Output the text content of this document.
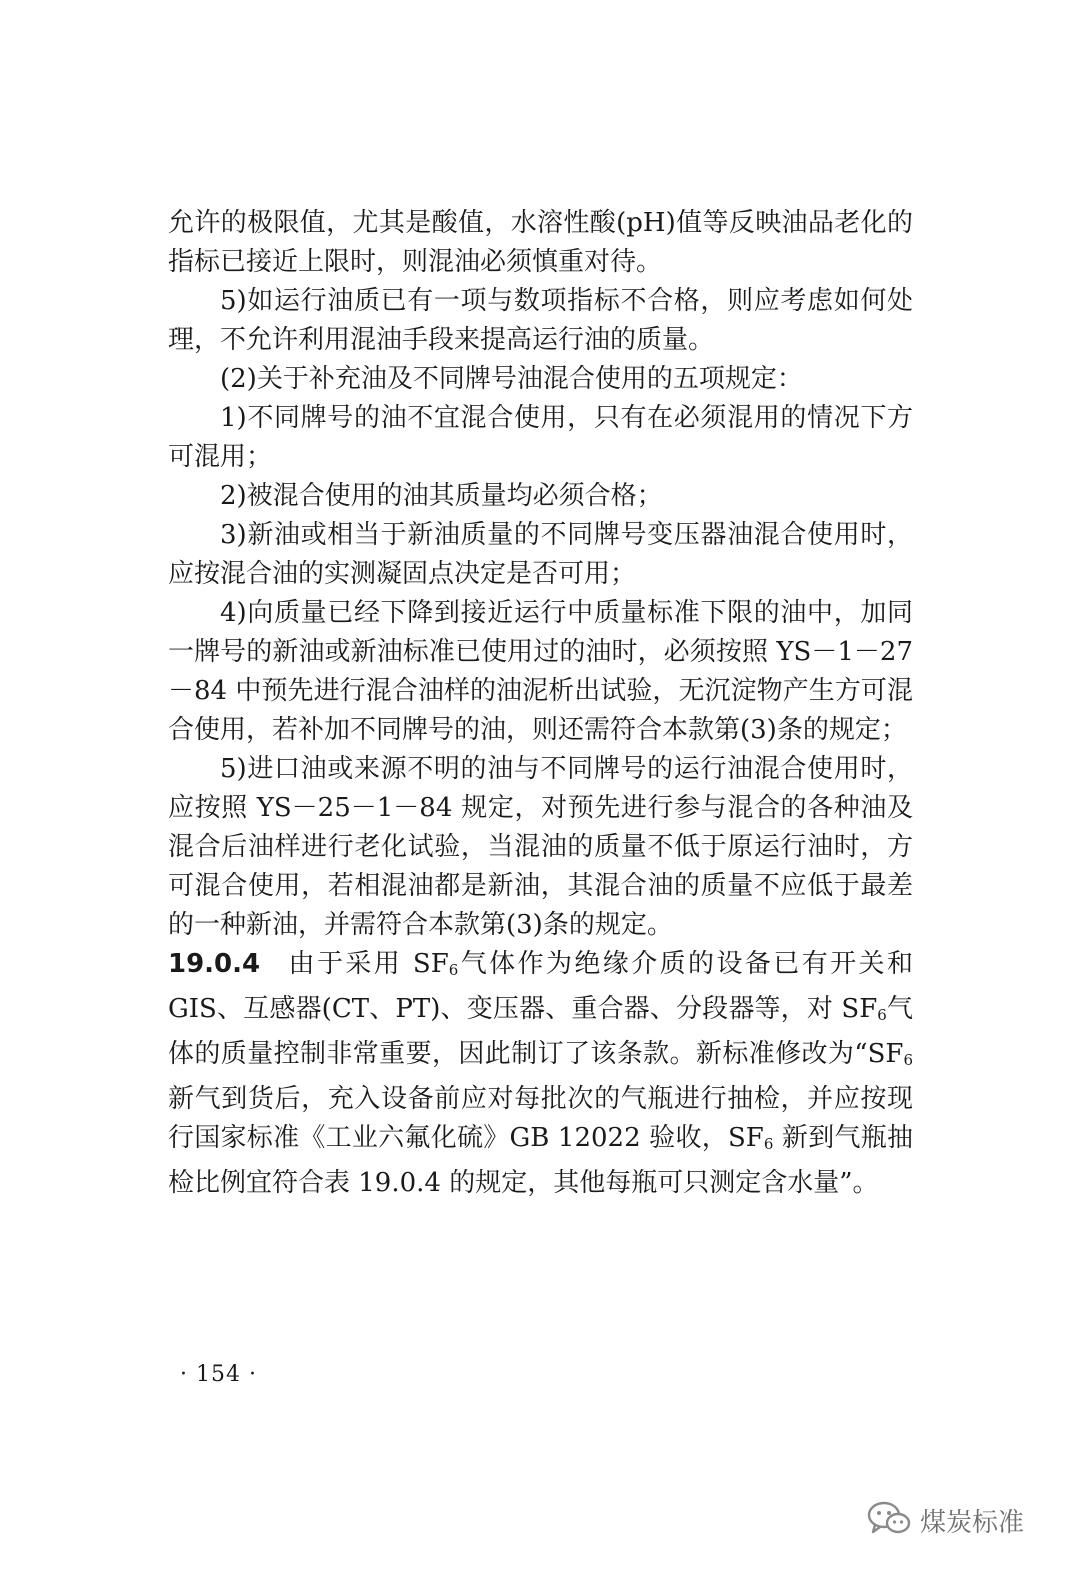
允许的极限值，尤其是酸值，水溶性酸(pH)值等反映油品老化的指标已接近上限时，则混油必须慎重对待。

5)如运行油质已有一项与数项指标不合格，则应考虑如何处理，不允许利用混油手段来提高运行油的质量。

(2)关于补充油及不同牌号油混合使用的五项规定：

1)不同牌号的油不宜混合使用，只有在必须混用的情况下方可混用；

2)被混合使用的油其质量均必须合格；

3)新油或相当于新油质量的不同牌号变压器油混合使用时，应按混合油的实测凝固点决定是否可用；

4)向质量已经下降到接近运行中质量标准下限的油中，加同一牌号的新油或新油标准已使用过的油时，必须按照 YS－1－27－84 中预先进行混合油样的油泥析出试验，无沉淀物产生方可混合使用，若补加不同牌号的油，则还需符合本款第(3)条的规定；

5)进口油或来源不明的油与不同牌号的运行油混合使用时，应按照 YS－25－1－84 规定，对预先进行参与混合的各种油及混合后油样进行老化试验，当混油的质量不低于原运行油时，方可混合使用，若相混油都是新油，其混合油的质量不应低于最差的一种新油，并需符合本款第(3)条的规定。

19.0.4 由于采用 $SF_6$气体作为绝缘介质的设备已有开关和GIS、互感器(CT、PT)、变压器、重合器、分段器等，对 $SF_6$气体的质量控制非常重要，因此制订了该条款。新标准修改为“$SF_6$新气到货后，充入设备前应对每批次的气瓶进行抽检，并应按现行国家标准《工业六氟化硫》GB 12022 验收，$SF_6$ 新到气瓶抽检比例宜符合表 19.0.4 的规定，其他每瓶可只测定含水量”。

· 154 ·
煤炭标准
